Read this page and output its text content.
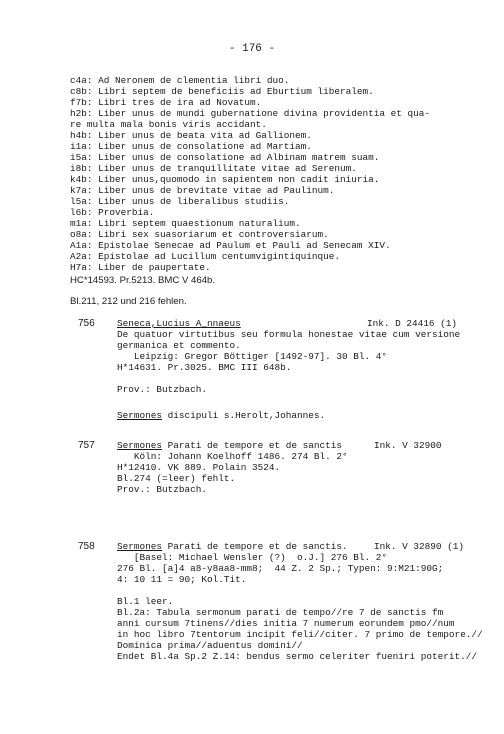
- 176 -
c4a: Ad Neronem de clementia libri duo.
c8b: Libri septem de beneficiis ad Eburtium liberalem.
f7b: Libri tres de ira ad Novatum.
h2b: Liber unus de mundi gubernatione divina providentia et qua-
re multa mala bonis viris accidant.
h4b: Liber unus de beata vita ad Gallionem.
i1a: Liber unus de consolatione ad Martiam.
i5a: Liber unus de consolatione ad Albinam matrem suam.
i8b: Liber unus de tranquillitate vitae ad Serenum.
k4b: Liber unus,quomodo in sapientem non cadit iniuria.
k7a: Liber unus de brevitate vitae ad Paulinum.
l5a: Liber unus de liberalibus studiis.
l6b: Proverbia.
m1a: Libri septem quaestionum naturalium.
o8a: Libri sex suasoriarum et controversiarum.
A1a: Epistolae Senecae ad Paulum et Pauli ad Senecam XIV.
A2a: Epistolae ad Lucillum centumvigintiquinque.
H7a: Liber de paupertate.
HC*14593. Pr.5213. BMC V 464b.
Bl.211, 212 und 216 fehlen.
756 Seneca,Lucius A_nnaeus
De quatuor virtutibus seu formula honestae vitae cum versione
germanica et commento.
Leipzig: Gregor Böttiger [1492-97]. 30 Bl. 4°
H*14631. Pr.3025. BMC III 648b.
Prov.: Butzbach.
Ink. D 24416 (1)
Sermones discipuli s.Herolt,Johannes.
757 Sermones Parati de tempore et de sanctis
Köln: Johann Koelhoff 1486. 274 Bl. 2°
H*12410. VK 889. Polain 3524.
Bl.274 (=leer) fehlt.
Prov.: Butzbach.
Ink. V 32900
758 Sermones Parati de tempore et de sanctis.
[Basel: Michael Wensler (?)  o.J.] 276 Bl. 2°
276 Bl. [a]4 a8-y8aa8-mm8;  44 Z. 2 Sp.; Typen: 9:M21:90G;
4: 10 11 = 90; Kol.Tit.
Bl.1 leer.
Bl.2a: Tabula sermonum parati de tempo//re 7 de sanctis fm
anni cursum 7tinens//dies initia 7 numerum eorundem pmo//num
in hoc libro 7tentorum incipit feli//citer. 7 primo de tempore.//
Dominica prima//aduentus domini//
Endet Bl.4a Sp.2 Z.14: bendus sermo celeriter fueniri poterit.//
Ink. V 32890 (1)
